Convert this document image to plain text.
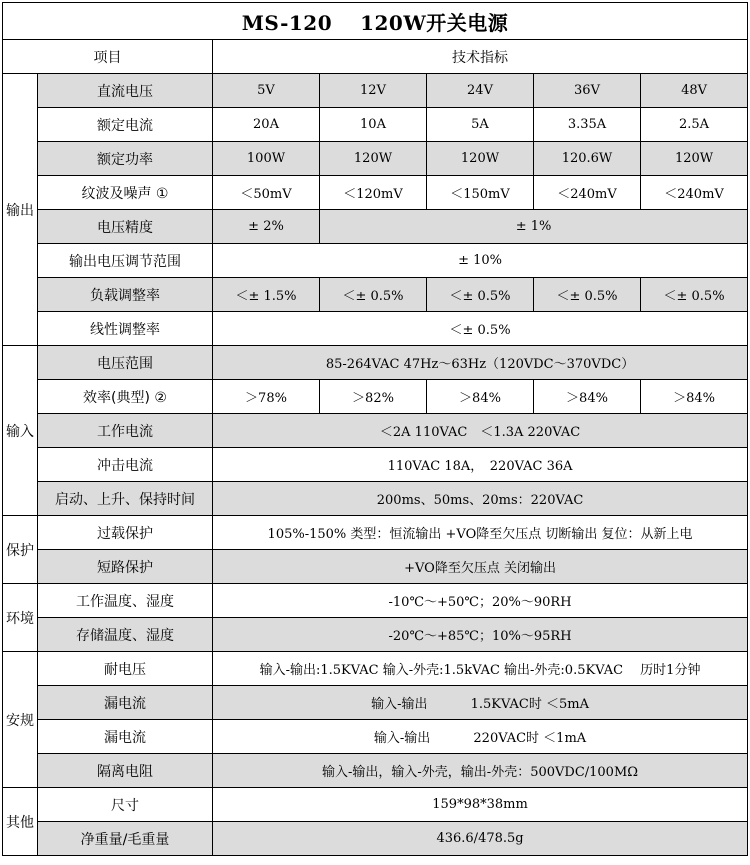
MS-120　 120W开关电源						
项目		技术指标				
输出	直流电压	5V	12V	24V	36V	48V
	额定电流	20A	10A	5A	3.35A	2.5A
	额定功率	100W	120W	120W	120.6W	120W
	纹波及噪声 ①	＜50mV	＜120mV	＜150mV	＜240mV	＜240mV
	电压精度	± 2%	± 1%			
	输出电压调节范围	± 10%				
	负载调整率	＜± 1.5%	＜± 0.5%	＜± 0.5%	＜± 0.5%	＜± 0.5%
	线性调整率	＜± 0.5%				
输入	电压范围	85-264VAC 47Hz～63Hz（120VDC～370VDC）				
	效率(典型) ②	＞78%	＞82%	＞84%	＞84%	＞84%
	工作电流	＜2A 110VAC　＜1.3A 220VAC				
	冲击电流	110VAC 18A，　220VAC 36A				
	启动、上升、保持时间	200ms、50ms、20ms：220VAC				
保护	过载保护	105%-150% 类型：恒流输出 +VO降至欠压点 切断输出 复位：从新上电				
	短路保护	+VO降至欠压点 关闭输出				
环境	工作温度、湿度	-10℃～+50℃；20%～90RH				
	存储温度、湿度	-20℃～+85℃；10%～95RH				
安规	耐电压	输入-输出:1.5KVAC 输入-外壳:1.5kVAC 输出-外壳:0.5KVAC　 历时1分钟				
	漏电流	输入-输出　　　 1.5KVAC时 ＜5mA				
	漏电流	输入-输出　　　 220VAC时 ＜1mA				
	隔离电阻	输入-输出，输入-外壳，输出-外壳：500VDC/100MΩ				
其他	尺寸	159*98*38mm				
	净重量/毛重量	436.6/478.5g				
